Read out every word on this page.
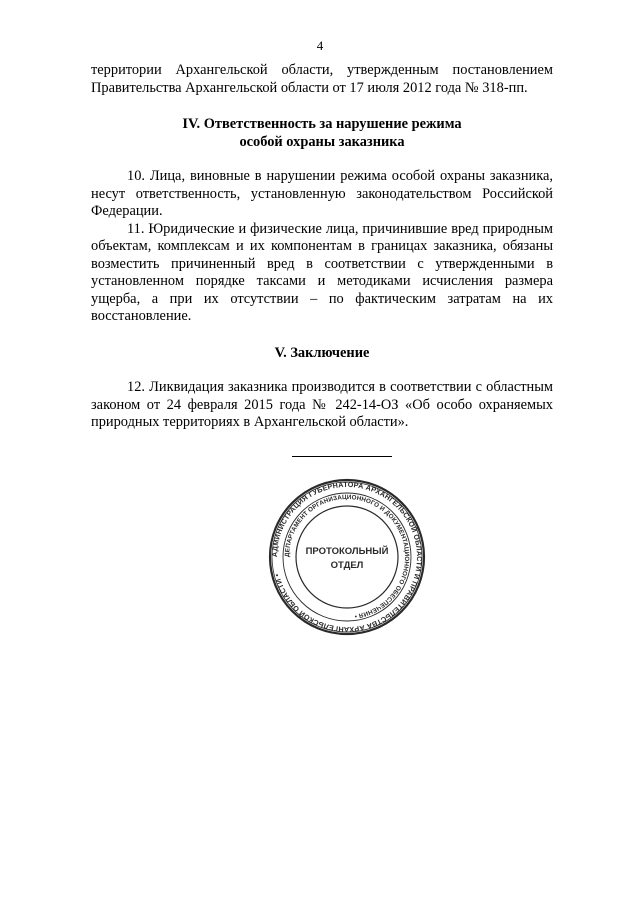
4

территории Архангельской области, утвержденным постановлением Правительства Архангельской области от 17 июля 2012 года № 318-пп.

IV. Ответственность за нарушение режима

особой охраны заказника

10. Лица, виновные в нарушении режима особой охраны заказника, несут ответственность, установленную законодательством Российской Федерации.

11. Юридические и физические лица, причинившие вред природным объектам, комплексам и их компонентам в границах заказника, обязаны возместить причиненный вред в соответствии с утвержденными в установленном порядке таксами и методиками исчисления размера ущерба, а при их отсутствии – по фактическим затратам на их восстановление.

V. Заключение

12. Ликвидация заказника производится в соответствии с областным законом от 24 февраля 2015 года № 242-14-ОЗ «Об особо охраняемых природных территориях в Архангельской области».

АДМИНИСТРАЦИЯ ГУБЕРНАТОРА АРХАНГЕЛЬСКОЙ ОБЛАСТИ И ПРАВИТЕЛЬСТВА АРХАНГЕЛЬСКОЙ ОБЛАСТИ •
ДЕПАРТАМЕНТ ОРГАНИЗАЦИОННОГО И ДОКУМЕНТАЦИОННОГО ОБЕСПЕЧЕНИЯ •
ПРОТОКОЛЬНЫЙ
ОТДЕЛ
